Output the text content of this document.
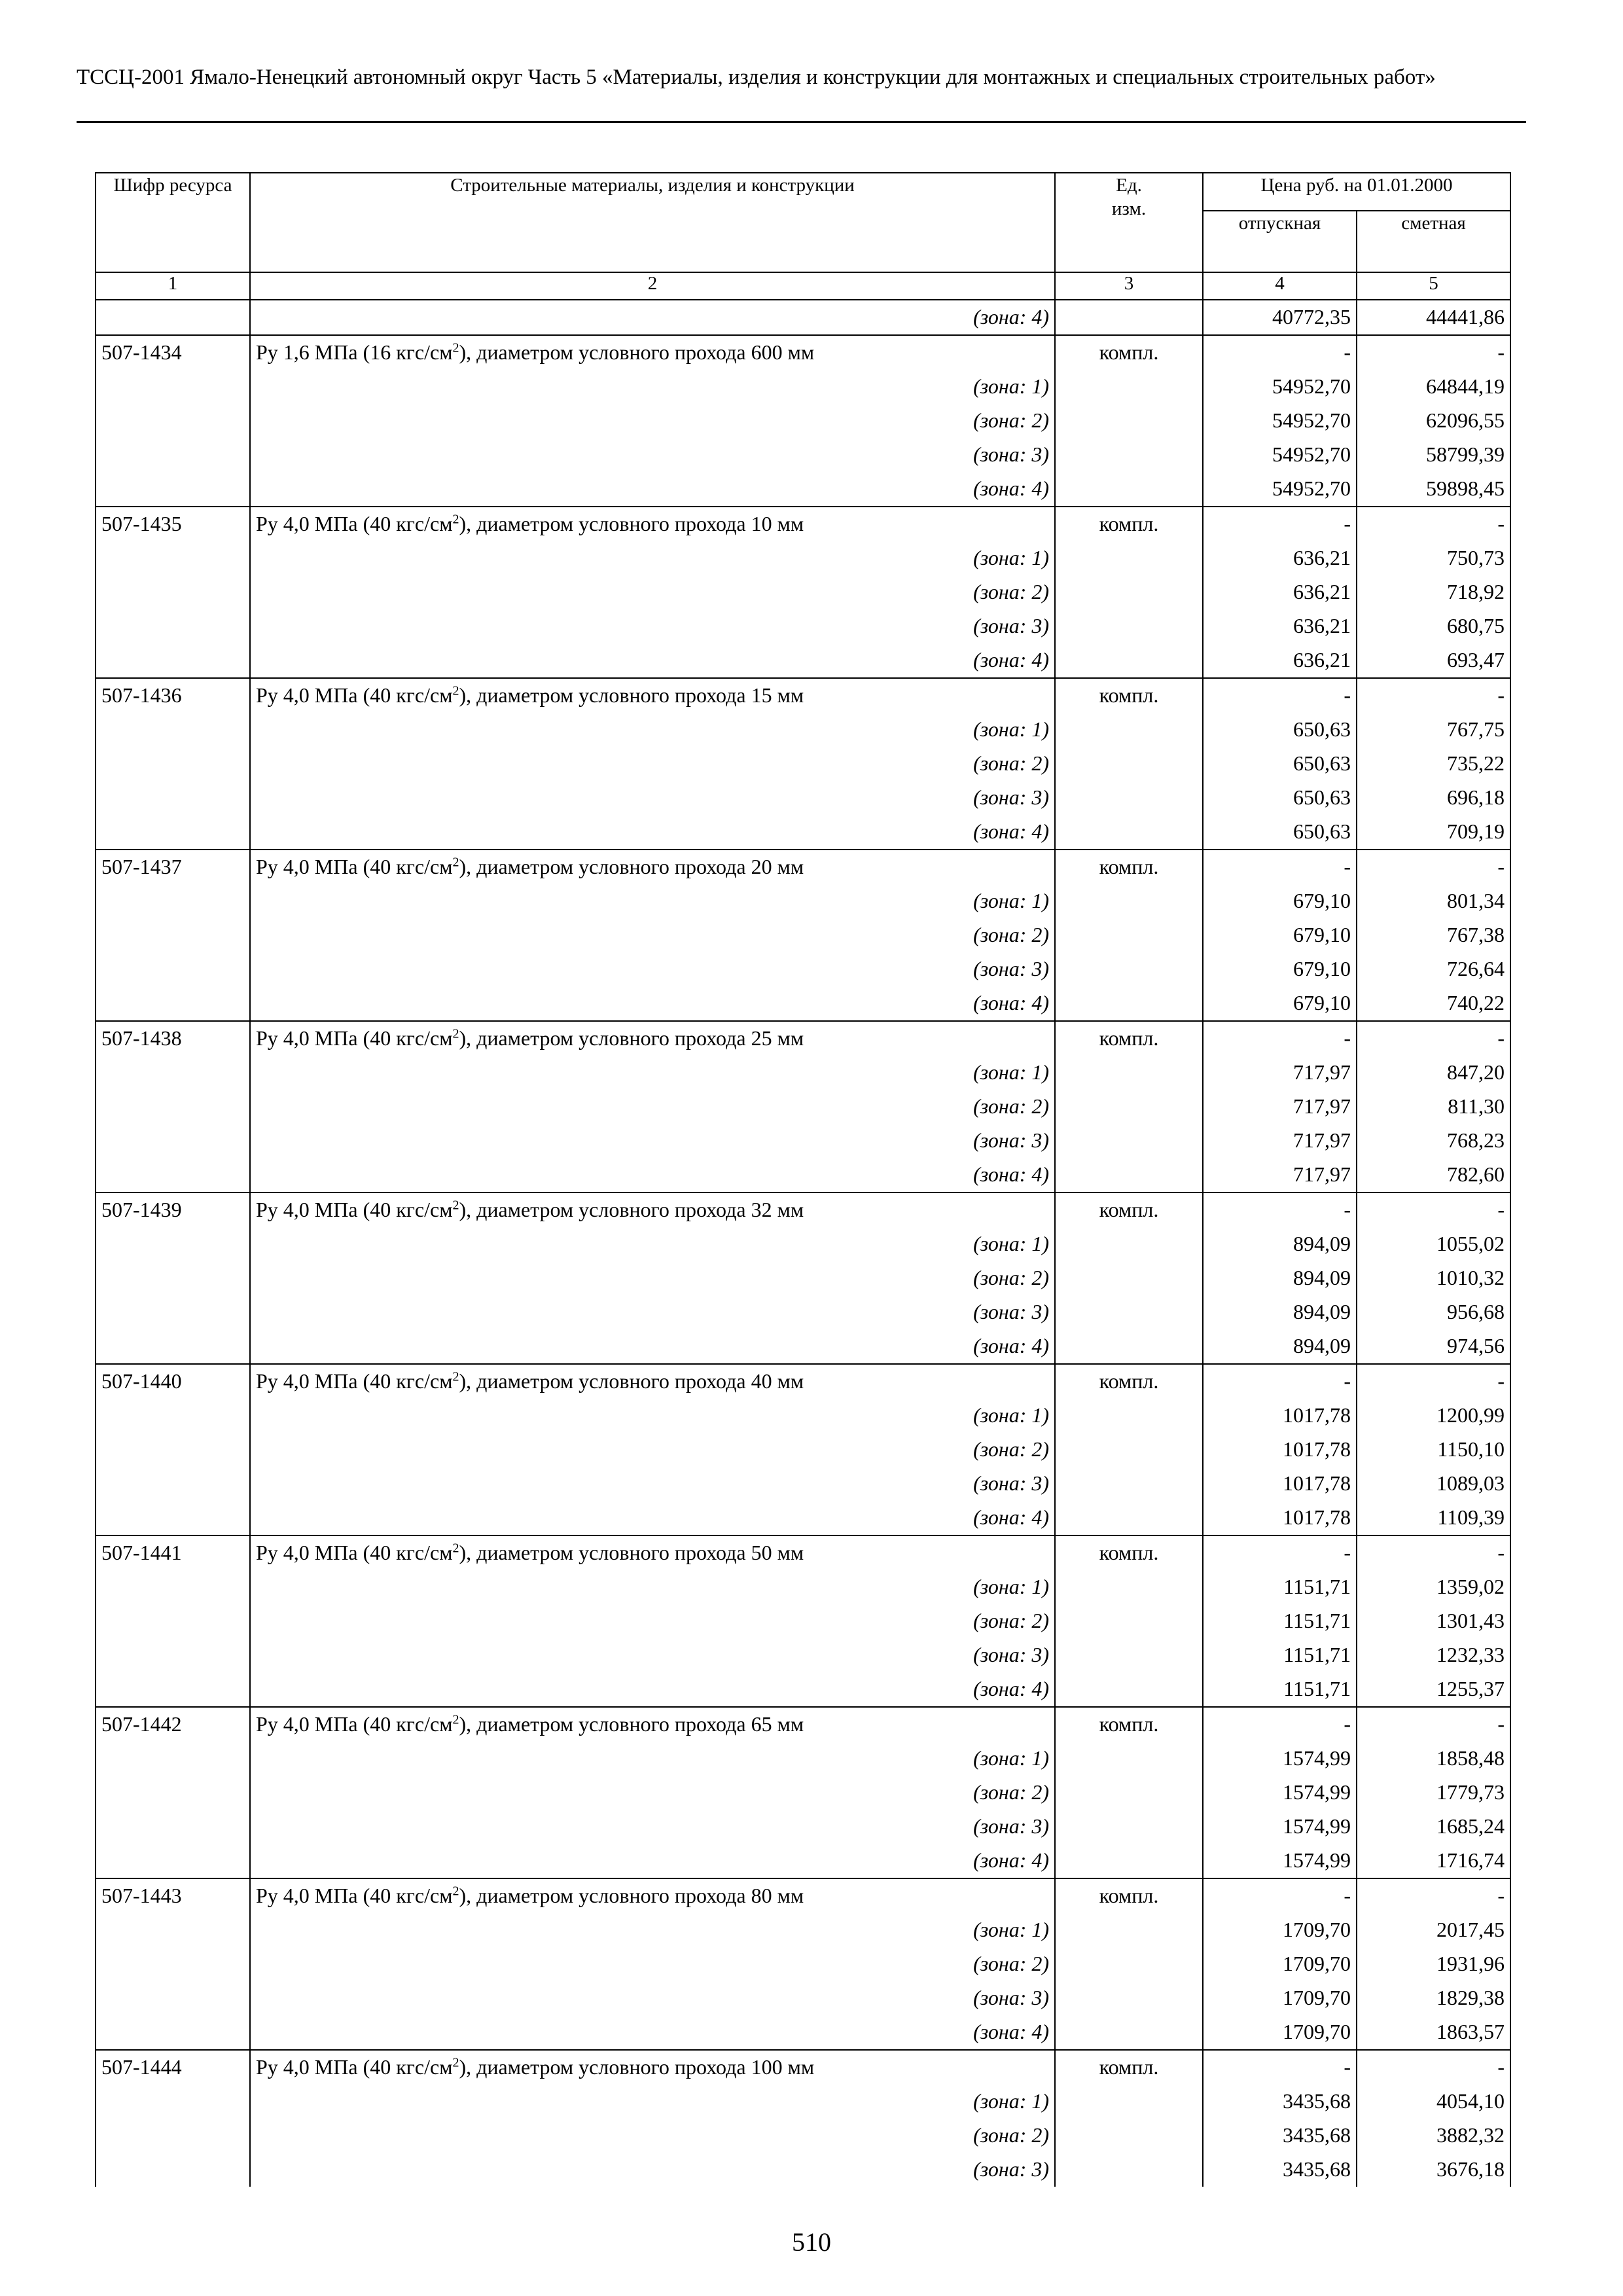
ТССЦ-2001 Ямало-Ненецкий автономный округ Часть 5 «Материалы, изделия и конструкции для монтажных и специальных строительных работ»
Шифр ресурса	Строительные материалы, изделия и конструкции	Ед. изм.	Цена руб. на 01.01.2000	
			отпускная	сметная
1	2	3	4	5
	(зона: 4)		40772,35	44441,86
507-1434	Ру 1,6 МПа (16 кгс/$см^2$), диаметром условного прохода 600 мм	компл.	-	-
	(зона: 1)		54952,70	64844,19
	(зона: 2)		54952,70	62096,55
	(зона: 3)		54952,70	58799,39
	(зона: 4)		54952,70	59898,45
507-1435	Ру 4,0 МПа (40 кгс/$см^2$), диаметром условного прохода 10 мм	компл.	-	-
	(зона: 1)		636,21	750,73
	(зона: 2)		636,21	718,92
	(зона: 3)		636,21	680,75
	(зона: 4)		636,21	693,47
507-1436	Ру 4,0 МПа (40 кгс/$см^2$), диаметром условного прохода 15 мм	компл.	-	-
	(зона: 1)		650,63	767,75
	(зона: 2)		650,63	735,22
	(зона: 3)		650,63	696,18
	(зона: 4)		650,63	709,19
507-1437	Ру 4,0 МПа (40 кгс/$см^2$), диаметром условного прохода 20 мм	компл.	-	-
	(зона: 1)		679,10	801,34
	(зона: 2)		679,10	767,38
	(зона: 3)		679,10	726,64
	(зона: 4)		679,10	740,22
507-1438	Ру 4,0 МПа (40 кгс/$см^2$), диаметром условного прохода 25 мм	компл.	-	-
	(зона: 1)		717,97	847,20
	(зона: 2)		717,97	811,30
	(зона: 3)		717,97	768,23
	(зона: 4)		717,97	782,60
507-1439	Ру 4,0 МПа (40 кгс/$см^2$), диаметром условного прохода 32 мм	компл.	-	-
	(зона: 1)		894,09	1055,02
	(зона: 2)		894,09	1010,32
	(зона: 3)		894,09	956,68
	(зона: 4)		894,09	974,56
507-1440	Ру 4,0 МПа (40 кгс/$см^2$), диаметром условного прохода 40 мм	компл.	-	-
	(зона: 1)		1017,78	1200,99
	(зона: 2)		1017,78	1150,10
	(зона: 3)		1017,78	1089,03
	(зона: 4)		1017,78	1109,39
507-1441	Ру 4,0 МПа (40 кгс/$см^2$), диаметром условного прохода 50 мм	компл.	-	-
	(зона: 1)		1151,71	1359,02
	(зона: 2)		1151,71	1301,43
	(зона: 3)		1151,71	1232,33
	(зона: 4)		1151,71	1255,37
507-1442	Ру 4,0 МПа (40 кгс/$см^2$), диаметром условного прохода 65 мм	компл.	-	-
	(зона: 1)		1574,99	1858,48
	(зона: 2)		1574,99	1779,73
	(зона: 3)		1574,99	1685,24
	(зона: 4)		1574,99	1716,74
507-1443	Ру 4,0 МПа (40 кгс/$см^2$), диаметром условного прохода 80 мм	компл.	-	-
	(зона: 1)		1709,70	2017,45
	(зона: 2)		1709,70	1931,96
	(зона: 3)		1709,70	1829,38
	(зона: 4)		1709,70	1863,57
507-1444	Ру 4,0 МПа (40 кгс/$см^2$), диаметром условного прохода 100 мм	компл.	-	-
	(зона: 1)		3435,68	4054,10
	(зона: 2)		3435,68	3882,32
	(зона: 3)		3435,68	3676,18
510
